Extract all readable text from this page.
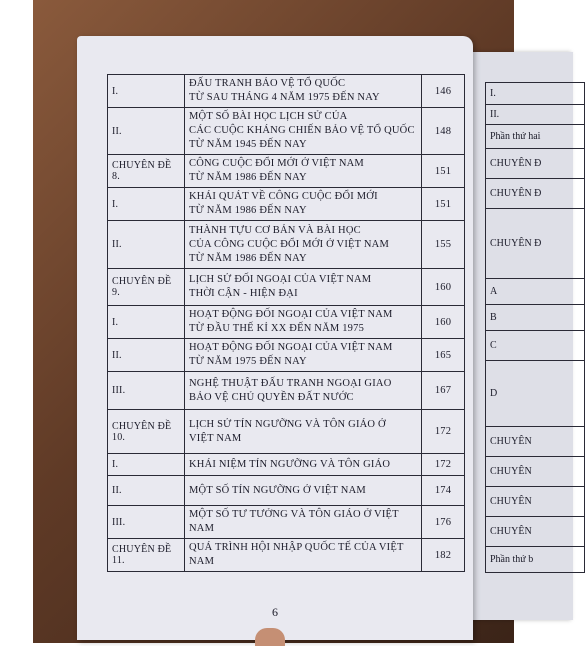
I.
II.
Phần thứ hai
CHUYÊN Đ
CHUYÊN Đ
CHUYÊN Đ
A
B
C
D
CHUYÊN
CHUYÊN
CHUYÊN
CHUYÊN
Phần thứ b
I.	ĐẤU TRANH BẢO VỆ TỔ QUỐC
TỪ SAU THÁNG 4 NĂM 1975 ĐẾN NAY	146
II.	MỘT SỐ BÀI HỌC LỊCH SỬ CỦA
CÁC CUỘC KHÁNG CHIẾN BẢO VỆ TỔ QUỐC
TỪ NĂM 1945 ĐẾN NAY	148
CHUYÊN ĐỀ 8.	CÔNG CUỘC ĐỔI MỚI Ở VIỆT NAM
TỪ NĂM 1986 ĐẾN NAY	151
I.	KHÁI QUÁT VỀ CÔNG CUỘC ĐỔI MỚI
TỪ NĂM 1986 ĐẾN NAY	151
II.	THÀNH TỰU CƠ BẢN VÀ BÀI HỌC
CỦA CÔNG CUỘC ĐỔI MỚI Ở VIỆT NAM
TỪ NĂM 1986 ĐẾN NAY	155
CHUYÊN ĐỀ 9.	LỊCH SỬ ĐỐI NGOẠI CỦA VIỆT NAM
THỜI CẬN - HIỆN ĐẠI	160
I.	HOẠT ĐỘNG ĐỐI NGOẠI CỦA VIỆT NAM
TỪ ĐẦU THẾ KỈ XX ĐẾN NĂM 1975	160
II.	HOẠT ĐỘNG ĐỐI NGOẠI CỦA VIỆT NAM
TỪ NĂM 1975 ĐẾN NAY	165
III.	NGHỆ THUẬT ĐẤU TRANH NGOẠI GIAO
BẢO VỆ CHỦ QUYỀN ĐẤT NƯỚC	167
CHUYÊN ĐỀ 10.	LỊCH SỬ TÍN NGƯỠNG VÀ TÔN GIÁO Ở
VIỆT NAM	172
I.	KHÁI NIỆM TÍN NGƯỠNG VÀ TÔN GIÁO	172
II.	MỘT SỐ TÍN NGƯỠNG Ở VIỆT NAM	174
III.	MỘT SỐ TƯ TƯỞNG VÀ TÔN GIÁO Ở VIỆT NAM	176
CHUYÊN ĐỀ 11.	QUÁ TRÌNH HỘI NHẬP QUỐC TẾ CỦA VIỆT NAM	182
6
